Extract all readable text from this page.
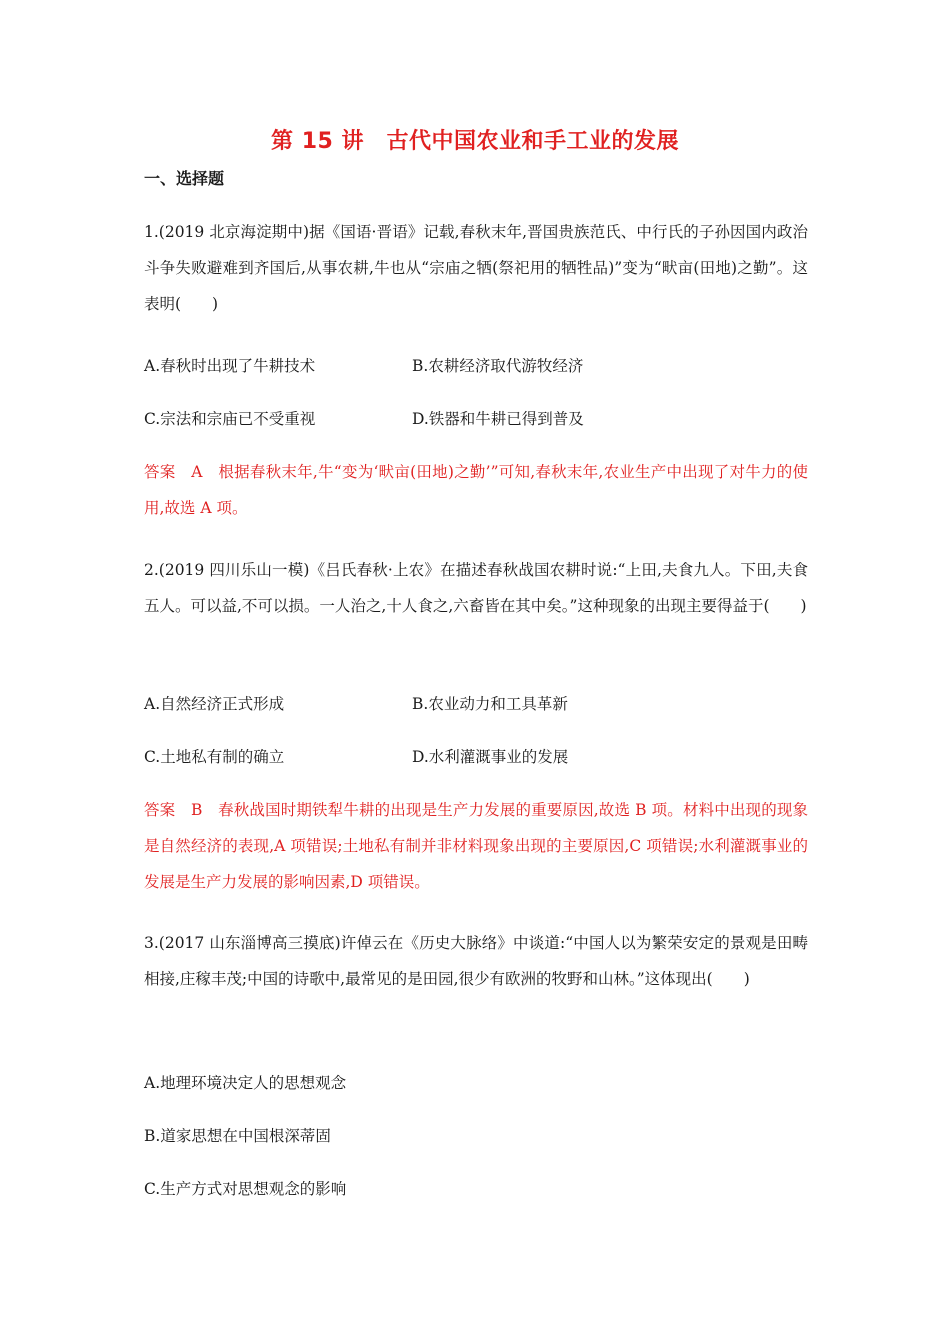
第 15 讲　古代中国农业和手工业的发展
一、选择题
1.(2019 北京海淀期中)据《国语·晋语》记载,春秋末年,晋国贵族范氏、中行氏的子孙因国内政治斗争失败避难到齐国后,从事农耕,牛也从“宗庙之牺(祭祀用的牺牲品)”变为“畎亩(田地)之勤”。这表明(　　)
A.春秋时出现了牛耕技术	B.农耕经济取代游牧经济
C.宗法和宗庙已不受重视	D.铁器和牛耕已得到普及
答案　A　根据春秋末年,牛“变为‘畎亩(田地)之勤’”可知,春秋末年,农业生产中出现了对牛力的使用,故选 A 项。
2.(2019 四川乐山一模)《吕氏春秋·上农》在描述春秋战国农耕时说:“上田,夫食九人。下田,夫食五人。可以益,不可以损。一人治之,十人食之,六畜皆在其中矣。”这种现象的出现主要得益于(　　)
A.自然经济正式形成	B.农业动力和工具革新
C.土地私有制的确立	D.水利灌溉事业的发展
答案　B　春秋战国时期铁犁牛耕的出现是生产力发展的重要原因,故选 B 项。材料中出现的现象是自然经济的表现,A 项错误;土地私有制并非材料现象出现的主要原因,C 项错误;水利灌溉事业的发展是生产力发展的影响因素,D 项错误。
3.(2017 山东淄博高三摸底)许倬云在《历史大脉络》中谈道:“中国人以为繁荣安定的景观是田畴相接,庄稼丰茂;中国的诗歌中,最常见的是田园,很少有欧洲的牧野和山林。”这体现出(　　)
A.地理环境决定人的思想观念
B.道家思想在中国根深蒂固
C.生产方式对思想观念的影响
